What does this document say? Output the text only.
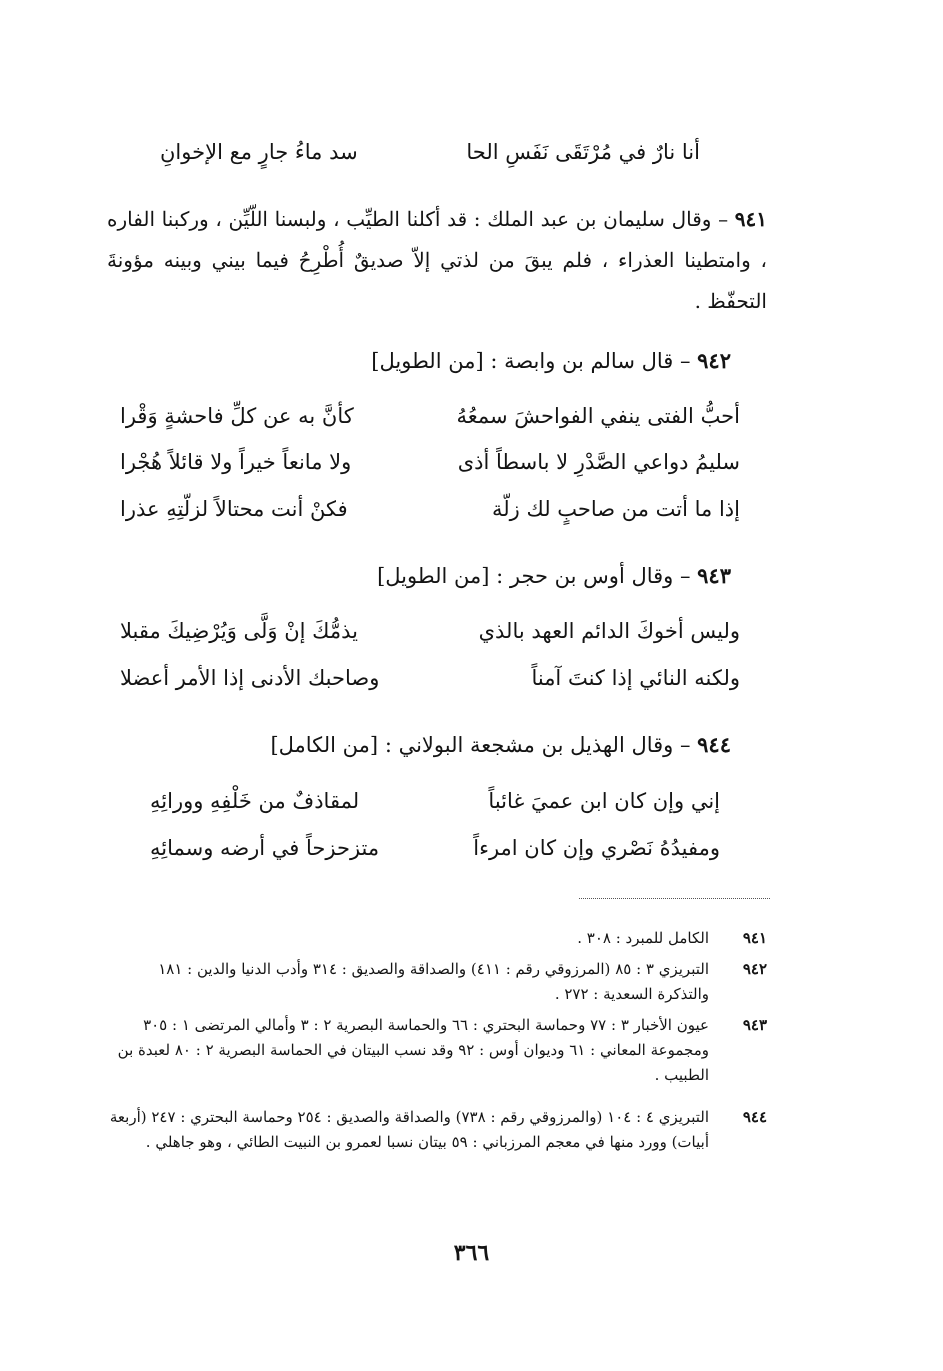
أنا نارٌ في مُرْتَقَى نَفَسِ الحا
سد ماءُ جارٍ مع الإخوانِ
٩٤١ – وقال سليمان بن عبد الملك : قد أكلنا الطيِّب ، ولبسنا اللّيِّن ، وركبنا الفاره ، وامتطينا العذراء ، فلم يبقَ من لذتي إلاّ صديقٌ أُطْرِحُ فيما بيني وبينه مؤونةَ التحفّظ .
٩٤٢ – قال سالم بن وابصة : [من الطويل]
أحبُّ الفتى ينفي الفواحشَ سمعُهُ
كأنَّ به عن كلِّ فاحشةٍ وَقْرا
سليمُ دواعي الصَّدْرِ لا باسطاً أذى
ولا مانعاً خيراً ولا قائلاً هُجْرا
إذا ما أتت من صاحبٍ لك زلّة
فكنْ أنت محتالاً لزلّتِهِ عذرا
٩٤٣ – وقال أوس بن حجر : [من الطويل]
وليس أخوكَ الدائم العهد بالذي
يذمُّكَ إنْ وَلَّى وَيُرْضِيكَ مقبلا
ولكنه النائي إذا كنتَ آمناً
وصاحبك الأدنى إذا الأمر أعضلا
٩٤٤ – وقال الهذيل بن مشجعة البولاني : [من الكامل]
إني وإن كان ابن عميَ غائباً
لمقاذفٌ من خَلْفِهِ وورائِهِ
ومفيدُهُ نَصْري وإن كان امرءاً
متزحزحاً في أرضه وسمائِهِ
٩٤١
الكامل للمبرد : ٣٠٨ .
٩٤٢
التبريزي ٣ : ٨٥ (المرزوقي رقم : ٤١١) والصداقة والصديق : ٣١٤ وأدب الدنيا والدين : ١٨١ والتذكرة السعدية : ٢٧٢ .
٩٤٣
عيون الأخبار ٣ : ٧٧ وحماسة البحتري : ٦٦ والحماسة البصرية ٢ : ٣ وأمالي المرتضى ١ : ٣٠٥ ومجموعة المعاني : ٦١ وديوان أوس : ٩٢ وقد نسب البيتان في الحماسة البصرية ٢ : ٨٠ لعبدة بن الطبيب .
٩٤٤
التبريزي ٤ : ١٠٤ (والمرزوقي رقم : ٧٣٨) والصداقة والصديق : ٢٥٤ وحماسة البحتري : ٢٤٧ (أربعة أبيات) وورد منها في معجم المرزباني : ٥٩ بيتان نسبا لعمرو بن النبيت الطائي ، وهو جاهلي .
٣٦٦
